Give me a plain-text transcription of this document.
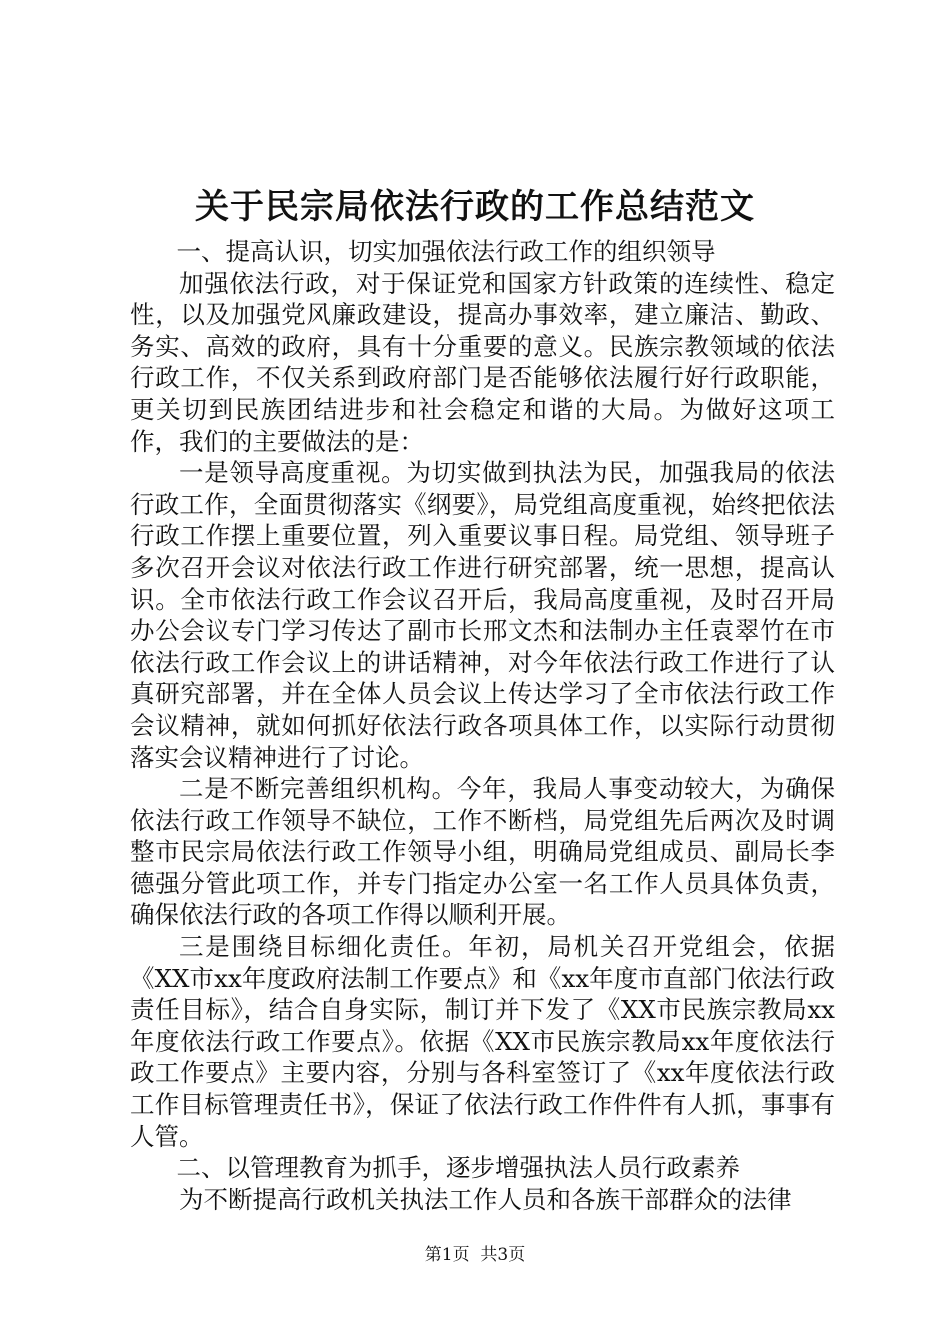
关于民宗局依法行政的工作总结范文

一、提高认识，切实加强依法行政工作的组织领导

加强依法行政，对于保证党和国家方针政策的连续性、稳定性，以及加强党风廉政建设，提高办事效率，建立廉洁、勤政、务实、高效的政府，具有十分重要的意义。民族宗教领域的依法行政工作，不仅关系到政府部门是否能够依法履行好行政职能，更关切到民族团结进步和社会稳定和谐的大局。为做好这项工作，我们的主要做法的是：

一是领导高度重视。为切实做到执法为民，加强我局的依法行政工作，全面贯彻落实《纲要》，局党组高度重视，始终把依法行政工作摆上重要位置，列入重要议事日程。局党组、领导班子多次召开会议对依法行政工作进行研究部署，统一思想，提高认识。全市依法行政工作会议召开后，我局高度重视，及时召开局办公会议专门学习传达了副市长邢文杰和法制办主任袁翠竹在市依法行政工作会议上的讲话精神，对今年依法行政工作进行了认真研究部署，并在全体人员会议上传达学习了全市依法行政工作会议精神，就如何抓好依法行政各项具体工作，以实际行动贯彻落实会议精神进行了讨论。

二是不断完善组织机构。今年，我局人事变动较大，为确保依法行政工作领导不缺位，工作不断档，局党组先后两次及时调整市民宗局依法行政工作领导小组，明确局党组成员、副局长李德强分管此项工作，并专门指定办公室一名工作人员具体负责，确保依法行政的各项工作得以顺利开展。

三是围绕目标细化责任。年初，局机关召开党组会，依据《XX市xx年度政府法制工作要点》和《xx年度市直部门依法行政责任目标》，结合自身实际，制订并下发了《XX市民族宗教局xx年度依法行政工作要点》。依据《XX市民族宗教局xx年度依法行政工作要点》主要内容，分别与各科室签订了《xx年度依法行政工作目标管理责任书》，保证了依法行政工作件件有人抓，事事有人管。

二、以管理教育为抓手，逐步增强执法人员行政素养

为不断提高行政机关执法工作人员和各族干部群众的法律

第1页  共3页
